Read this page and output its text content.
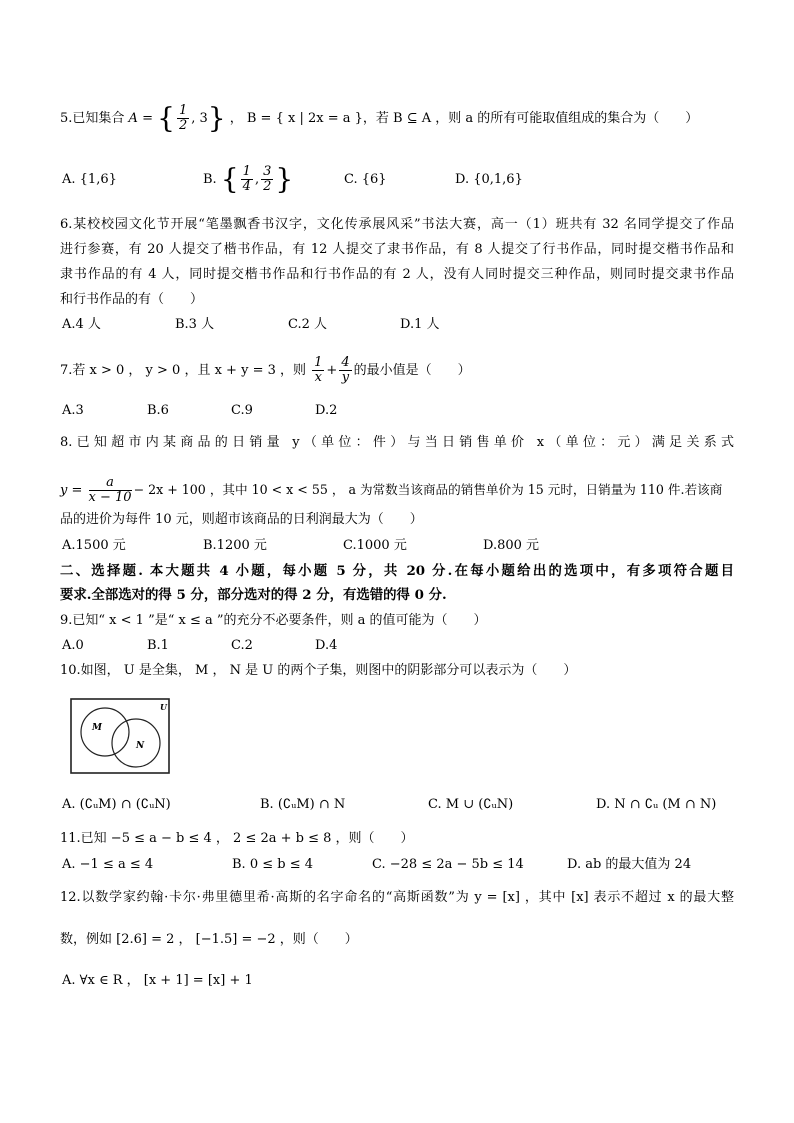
5.已知集合 A = { $\frac{1}{2}$ , 3} ， B = { x | 2x = a }，若 B ⊆ A ，则 a 的所有可能取值组成的集合为（　　）
A. {1,6}	B. { $\frac{1}{4}$ , $\frac{3}{2}$ }	C. {6}	D. {0,1,6}
6.某校校园文化节开展“笔墨飘香书汉字，文化传承展风采”书法大赛，高一（1）班共有 32 名同学提交了作品
进行参赛，有 20 人提交了楷书作品，有 12 人提交了隶书作品，有 8 人提交了行书作品，同时提交楷书作品和
隶书作品的有 4 人，同时提交楷书作品和行书作品的有 2 人，没有人同时提交三种作品，则同时提交隶书作品
和行书作品的有（　　）
A.4 人	B.3 人	C.2 人	D.1 人
7.若 x > 0 ， y > 0 ，且 x + y = 3 ，则 $\frac{1}{x} + \frac{4}{y}$ 的最小值是（　　）
A.3	B.6	C.9	D.2
8.已知超市内某商品的日销量 y（单位：件）与当日销售单价 x（单位：元）满足关系式
$y = \frac{a}{x - 10} - 2x + 100$ ，其中 10 < x < 55 ， a 为常数当该商品的销售单价为 15 元时，日销量为 110 件.若该商
品的进价为每件 10 元，则超市该商品的日利润最大为（　　）
A.1500 元	B.1200 元	C.1000 元	D.800 元
二、选择题. 本大题共 4 小题，每小题 5 分，共 20 分.在每小题给出的选项中，有多项符合题目
要求.全部选对的得 5 分，部分选对的得 2 分，有选错的得 0 分.
9.已知“ x < 1 ”是“ x ≤ a ”的充分不必要条件，则 a 的值可能为（　　）
A.0	B.1	C.2	D.4
10.如图， U 是全集， M ， N 是 U 的两个子集，则图中的阴影部分可以表示为（　　）
U
M
N
A. (∁ᵤM) ∩ (∁ᵤN)	B. (∁ᵤM) ∩ N	C. M ∪ (∁ᵤN)	D. N ∩ ∁ᵤ (M ∩ N)
11.已知 −5 ≤ a − b ≤ 4 ， 2 ≤ 2a + b ≤ 8 ，则（　　）
A. −1 ≤ a ≤ 4	B. 0 ≤ b ≤ 4	C. −28 ≤ 2a − 5b ≤ 14	D. ab 的最大值为 24
12.以数学家约翰·卡尔·弗里德里希·高斯的名字命名的“高斯函数”为 y = [x] ，其中 [x] 表示不超过 x 的最大整
数，例如 [2.6] = 2 ， [−1.5] = −2 ，则（　　）
A. ∀x ∈ R ， [x + 1] = [x] + 1
